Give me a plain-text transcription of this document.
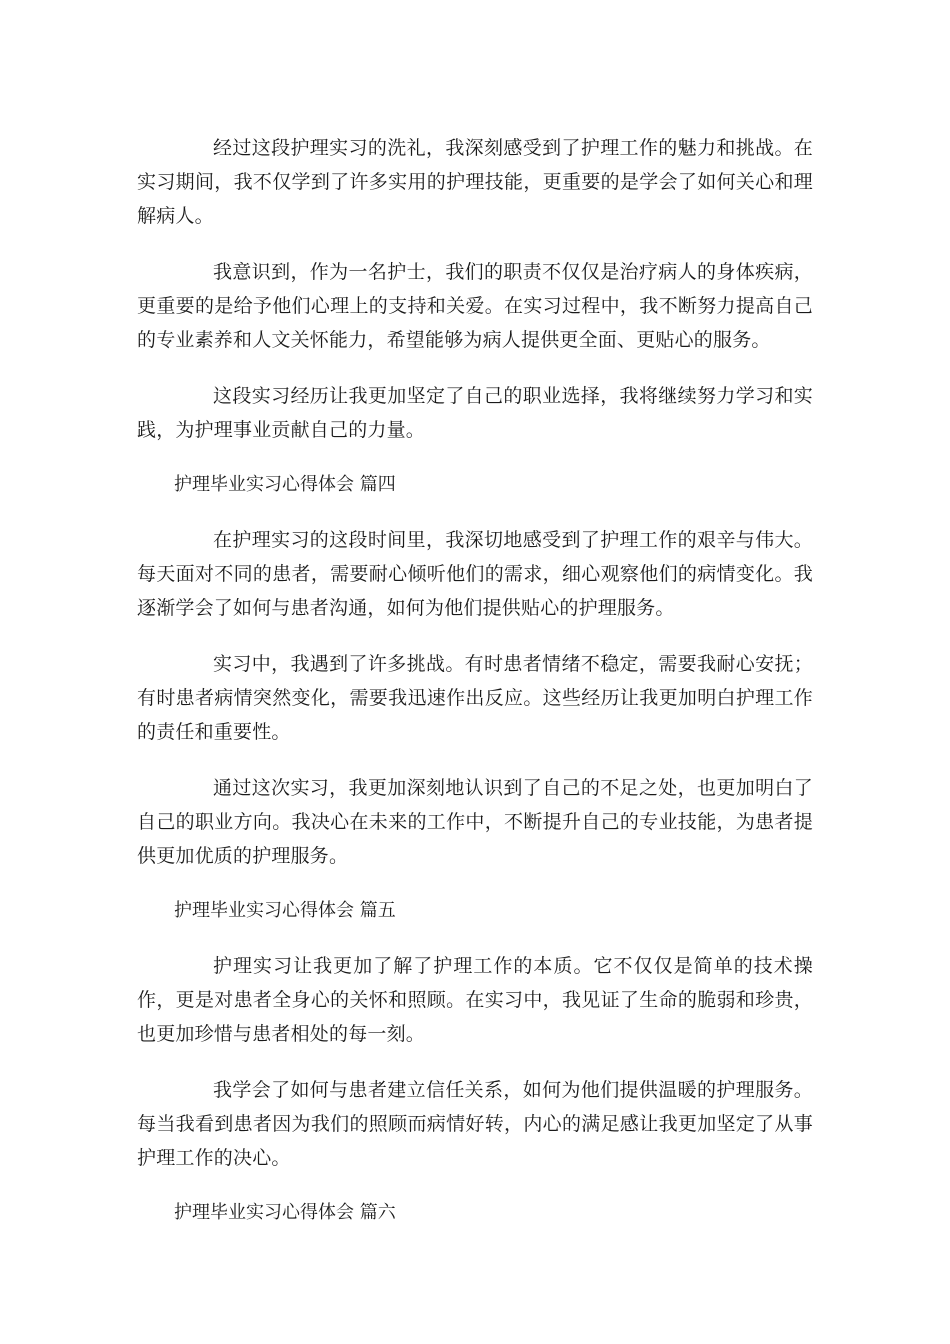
经过这段护理实习的洗礼，我深刻感受到了护理工作的魅力和挑战。在实习期间，我不仅学到了许多实用的护理技能，更重要的是学会了如何关心和理解病人。

我意识到，作为一名护士，我们的职责不仅仅是治疗病人的身体疾病，更重要的是给予他们心理上的支持和关爱。在实习过程中，我不断努力提高自己的专业素养和人文关怀能力，希望能够为病人提供更全面、更贴心的服务。

这段实习经历让我更加坚定了自己的职业选择，我将继续努力学习和实践，为护理事业贡献自己的力量。

护理毕业实习心得体会 篇四

在护理实习的这段时间里，我深切地感受到了护理工作的艰辛与伟大。每天面对不同的患者，需要耐心倾听他们的需求，细心观察他们的病情变化。我逐渐学会了如何与患者沟通，如何为他们提供贴心的护理服务。

实习中，我遇到了许多挑战。有时患者情绪不稳定，需要我耐心安抚；有时患者病情突然变化，需要我迅速作出反应。这些经历让我更加明白护理工作的责任和重要性。

通过这次实习，我更加深刻地认识到了自己的不足之处，也更加明白了自己的职业方向。我决心在未来的工作中，不断提升自己的专业技能，为患者提供更加优质的护理服务。

护理毕业实习心得体会 篇五

护理实习让我更加了解了护理工作的本质。它不仅仅是简单的技术操作，更是对患者全身心的关怀和照顾。在实习中，我见证了生命的脆弱和珍贵，也更加珍惜与患者相处的每一刻。

我学会了如何与患者建立信任关系，如何为他们提供温暖的护理服务。每当我看到患者因为我们的照顾而病情好转，内心的满足感让我更加坚定了从事护理工作的决心。

护理毕业实习心得体会 篇六
